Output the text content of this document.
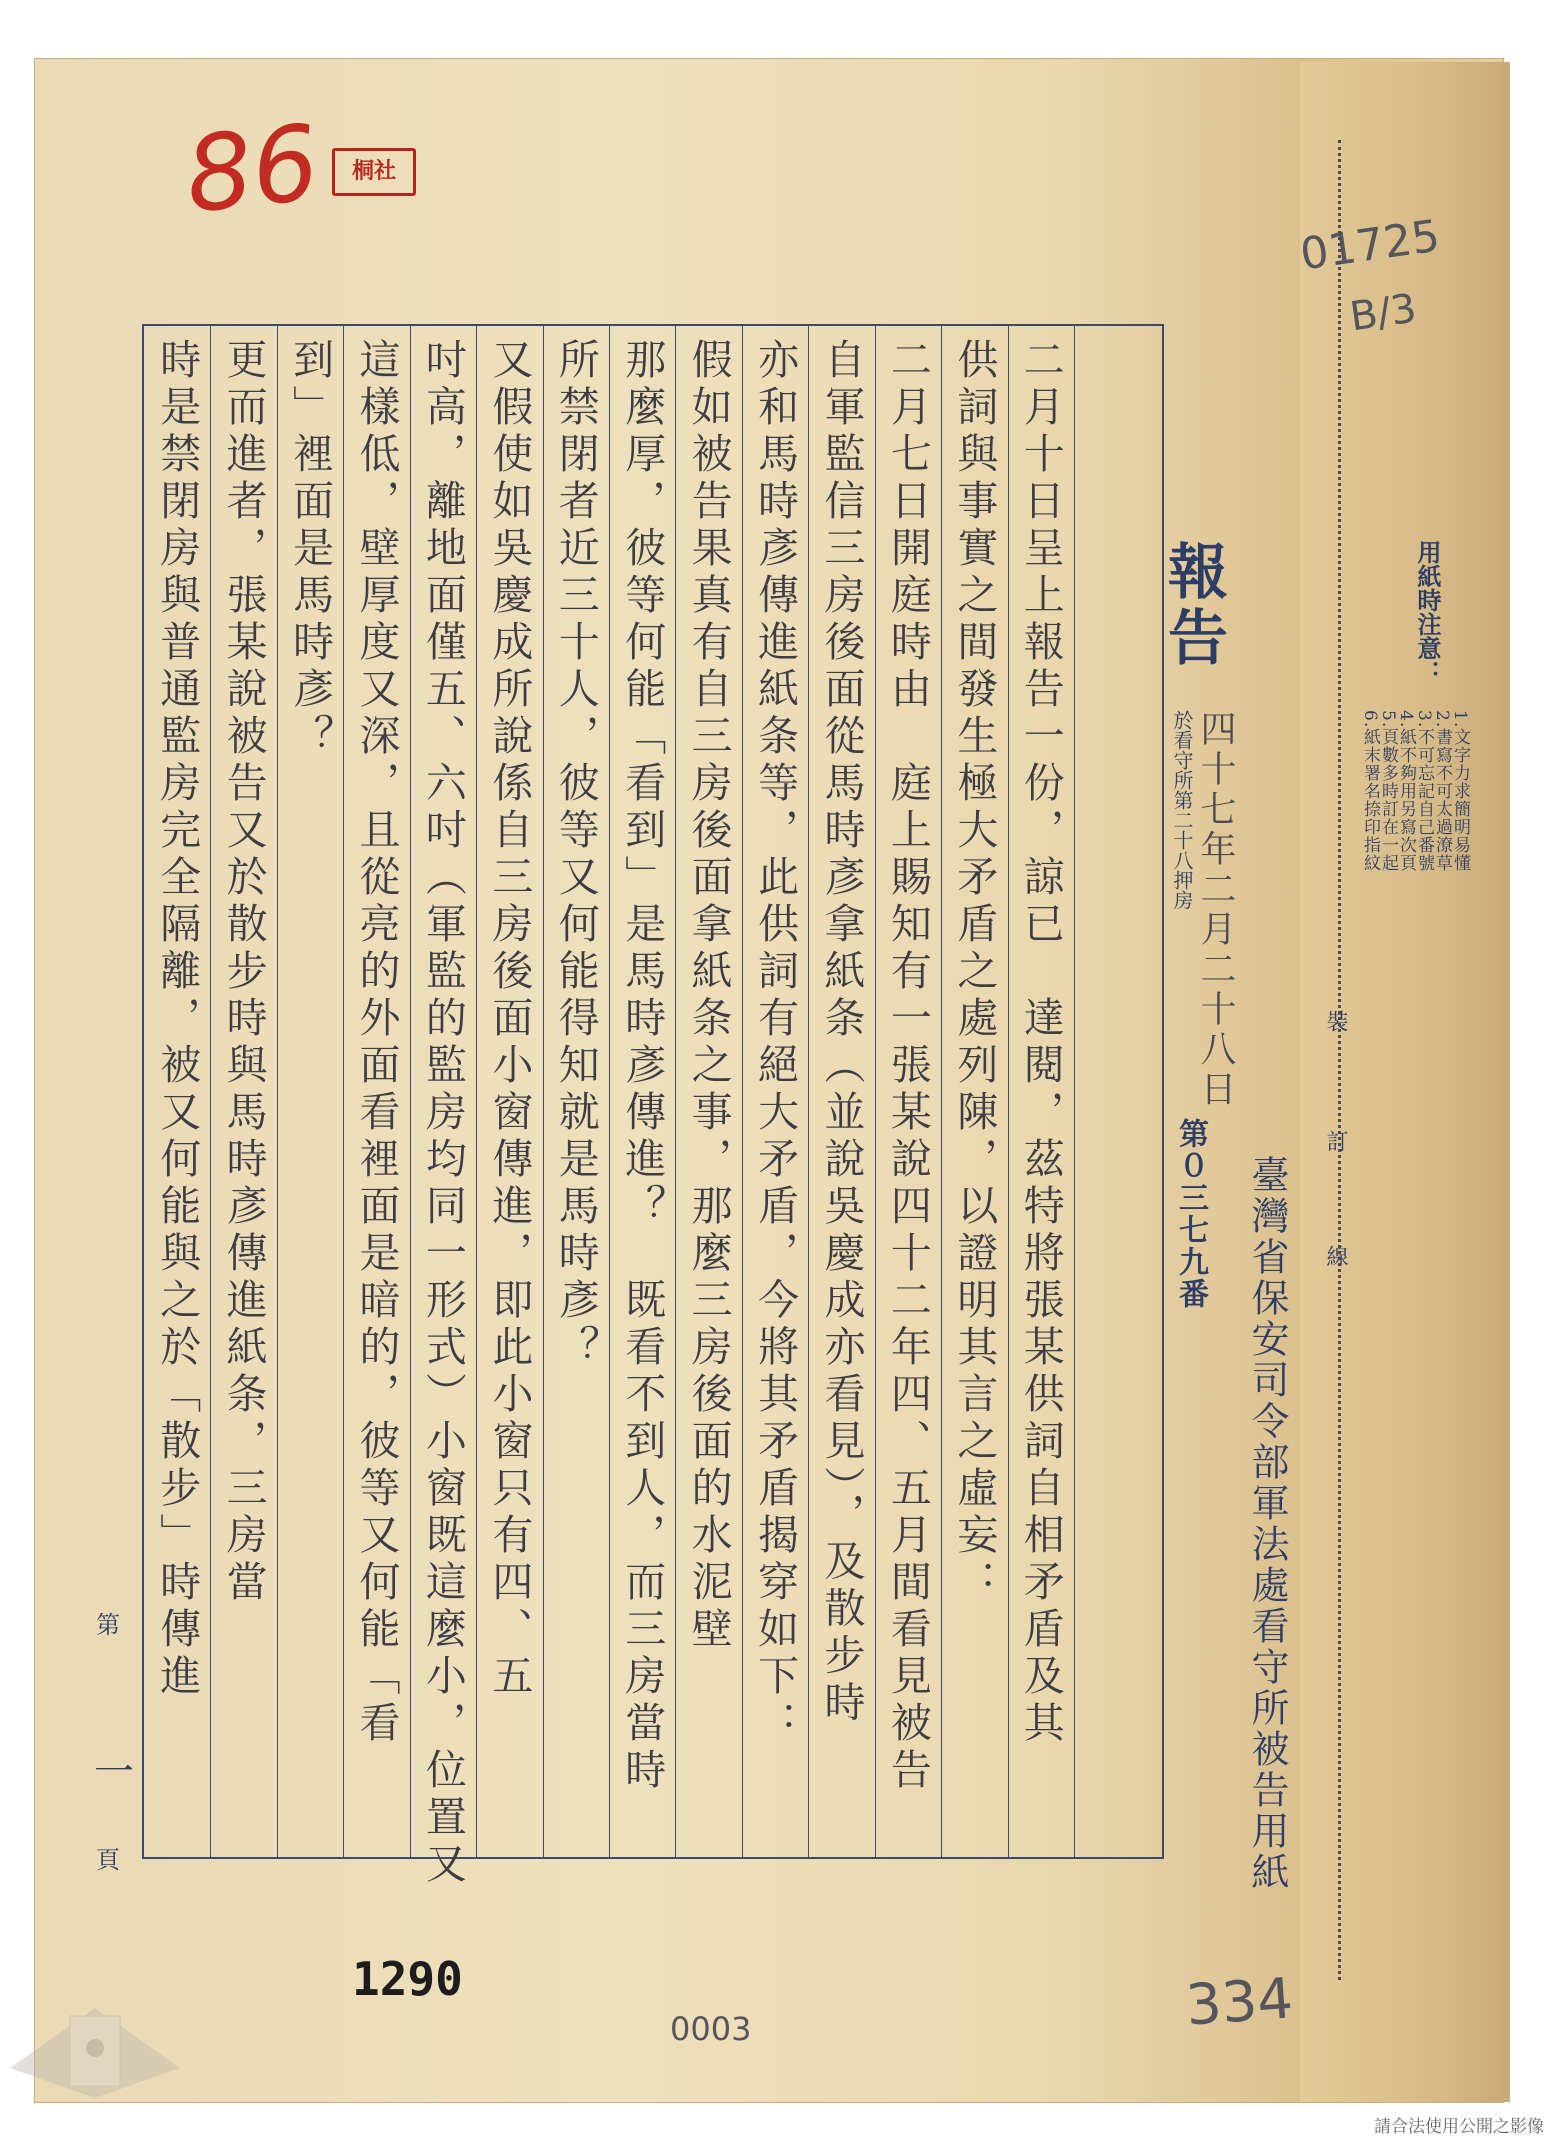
86	桐社
01725
B/3
二月十日呈上報告一份，諒已　達閱，茲特將張某供詞自相矛盾及其
供詞與事實之間發生極大矛盾之處列陳，以證明其言之虛妄：
二月七日開庭時由　庭上賜知有一張某說四十二年四、五月間看見被告
自軍監信三房後面從馬時彥拿紙条（並說吳慶成亦看見），及散步時
亦和馬時彥傳進紙条等，此供詞有絕大矛盾，今將其矛盾揭穿如下：
假如被告果真有自三房後面拿紙条之事，那麼三房後面的水泥壁
那麼厚，彼等何能「看到」是馬時彥傳進？　既看不到人，而三房當時
所禁閉者近三十人，彼等又何能得知就是馬時彥？
又假使如吳慶成所說係自三房後面小窗傳進，即此小窗只有四、五
吋高，離地面僅五、六吋（軍監的監房均同一形式）小窗既這麼小，位置又
這樣低，壁厚度又深，且從亮的外面看裡面是暗的，彼等又何能「看
到」裡面是馬時彥？
更而進者，張某說被告又於散步時與馬時彥傳進紙条，三房當
時是禁閉房與普通監房完全隔離，被又何能與之於「散步」時傳進	報告
四十七年二月二十八日
於看守所第二十八押房
第０三七九番 臺灣省保安司令部軍法處看守所被告用紙
用紙時注意：
1.文字力求簡明易懂
2.書寫不可太過潦草
3.不可忘記自己番號
4.紙不夠用另寫次頁
5.頁數多時訂在一起
6.紙末署名捺印指紋
裝
訂
線
第
一
頁
1290
0003	334
請合法使用公開之影像
